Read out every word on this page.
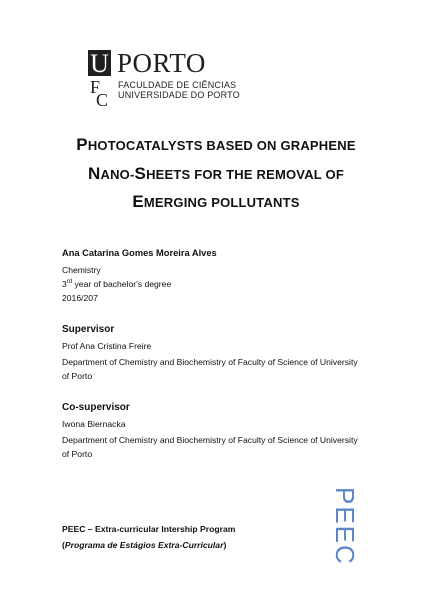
U PORTO
F
C
FACULDADE DE CIÊNCIAS
UNIVERSIDADE DO PORTO
PHOTOCATALYSTS BASED ON GRAPHENE
NANO-SHEETS FOR THE REMOVAL OF
EMERGING POLLUTANTS
Ana Catarina Gomes Moreira Alves
Chemistry
3rd year of bachelor's degree
2016/207
Supervisor
Prof Ana Cristina Freire
Department of Chemistry and Biochemistry of Faculty of Science of University
of Porto
Co-supervisor
Iwona Biernacka
Department of Chemistry and Biochemistry of Faculty of Science of University
of Porto
PEEC – Extra-curricular Intership Program
(Programa de Estágios Extra-Curricular)	PEEC
